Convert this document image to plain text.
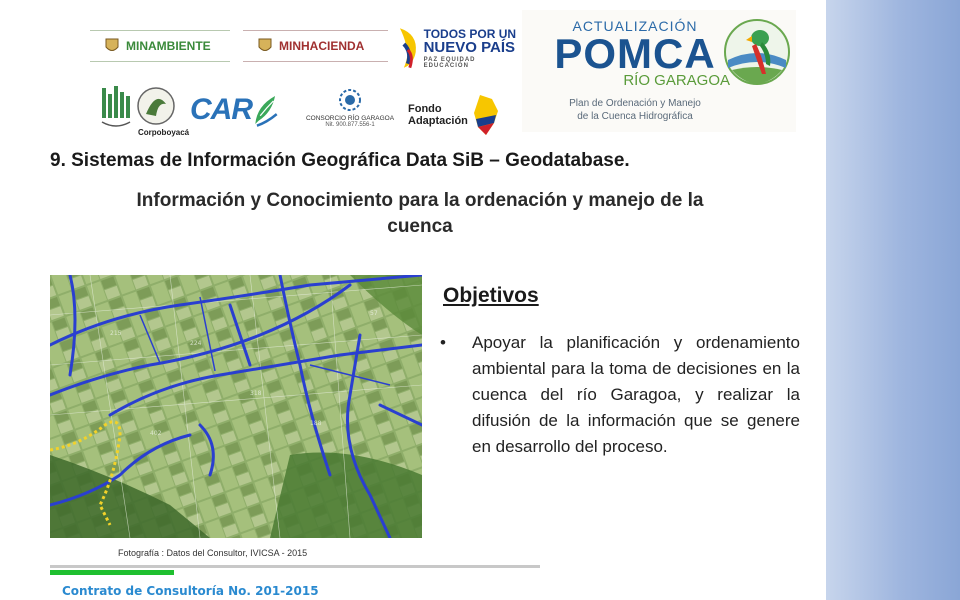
MINAMBIENTE	MINHACIENDA
TODOS POR UN
NUEVO PAÍS
PAZ EQUIDAD EDUCACIÓN
ACTUALIZACIÓN
POMCA
RÍO GARAGOA
Plan de Ordenación y Manejo
de la Cuenca Hidrográfica
Corpoboyacá
CAR	CONSORCIO RÍO GARAGOA
Nit. 900.877.556-1
Fondo
Adaptación
9. Sistemas de Información Geográfica Data SiB – Geodatabase.
Información y Conocimiento para la ordenación y manejo de la cuenca
215
224
318
402
188
57
Fotografía : Datos del Consultor, IVICSA - 2015
Objetivos
•	Apoyar la planificación y ordenamiento ambiental para la toma de decisiones en la cuenca del río Garagoa, y realizar la difusión de la información que se genere en desarrollo del proceso.
Contrato de Consultoría No. 201-2015
